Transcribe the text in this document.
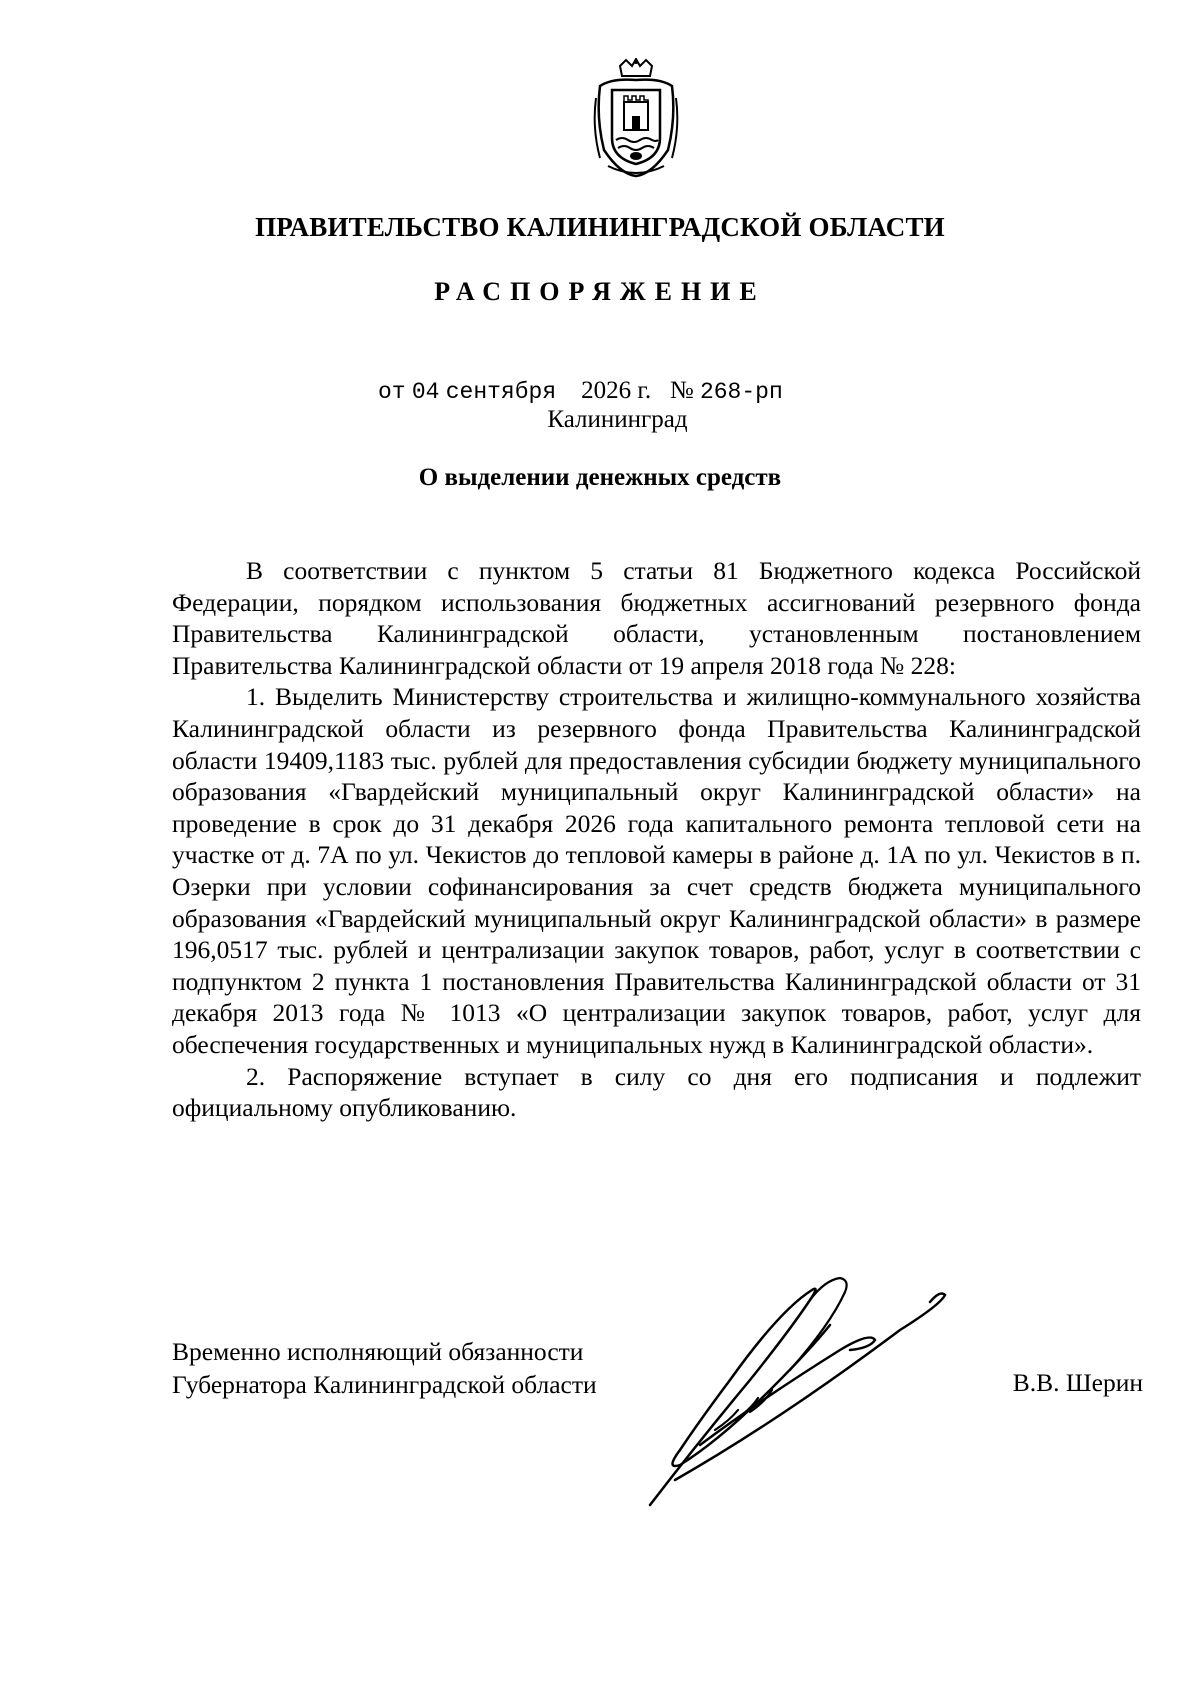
ПРАВИТЕЛЬСТВО КАЛИНИНГРАДСКОЙ ОБЛАСТИ
РАСПОРЯЖЕНИЕ
от 04 сентября 2026 г. № 268-рп
Калининград
О выделении денежных средств

В соответствии с пунктом 5 статьи 81 Бюджетного кодекса Российской Федерации, порядком использования бюджетных ассигнований резервного фонда Правительства Калининградской области, установленным постановлением Правительства Калининградской области от 19 апреля 2018 года № 228:

1. Выделить Министерству строительства и жилищно-коммунального хозяйства Калининградской области из резервного фонда Правительства Калининградской области 19409,1183 тыс. рублей для предоставления субсидии бюджету муниципального образования «Гвардейский муниципальный округ Калининградской области» на проведение в срок до 31 декабря 2026 года капитального ремонта тепловой сети на участке от д. 7А по ул. Чекистов до тепловой камеры в районе д. 1А по ул. Чекистов в п. Озерки при условии софинансирования за счет средств бюджета муниципального образования «Гвардейский муниципальный округ Калининградской области» в размере 196,0517 тыс. рублей и централизации закупок товаров, работ, услуг в соответствии с подпунктом 2 пункта 1 постановления Правительства Калининградской области от 31 декабря 2013 года № 1013 «О централизации закупок товаров, работ, услуг для обеспечения государственных и муниципальных нужд в Калининградской области».

2. Распоряжение вступает в силу со дня его подписания и подлежит официальному опубликованию.

Временно исполняющий обязанности
Губернатора Калининградской области	В.В. Шерин
